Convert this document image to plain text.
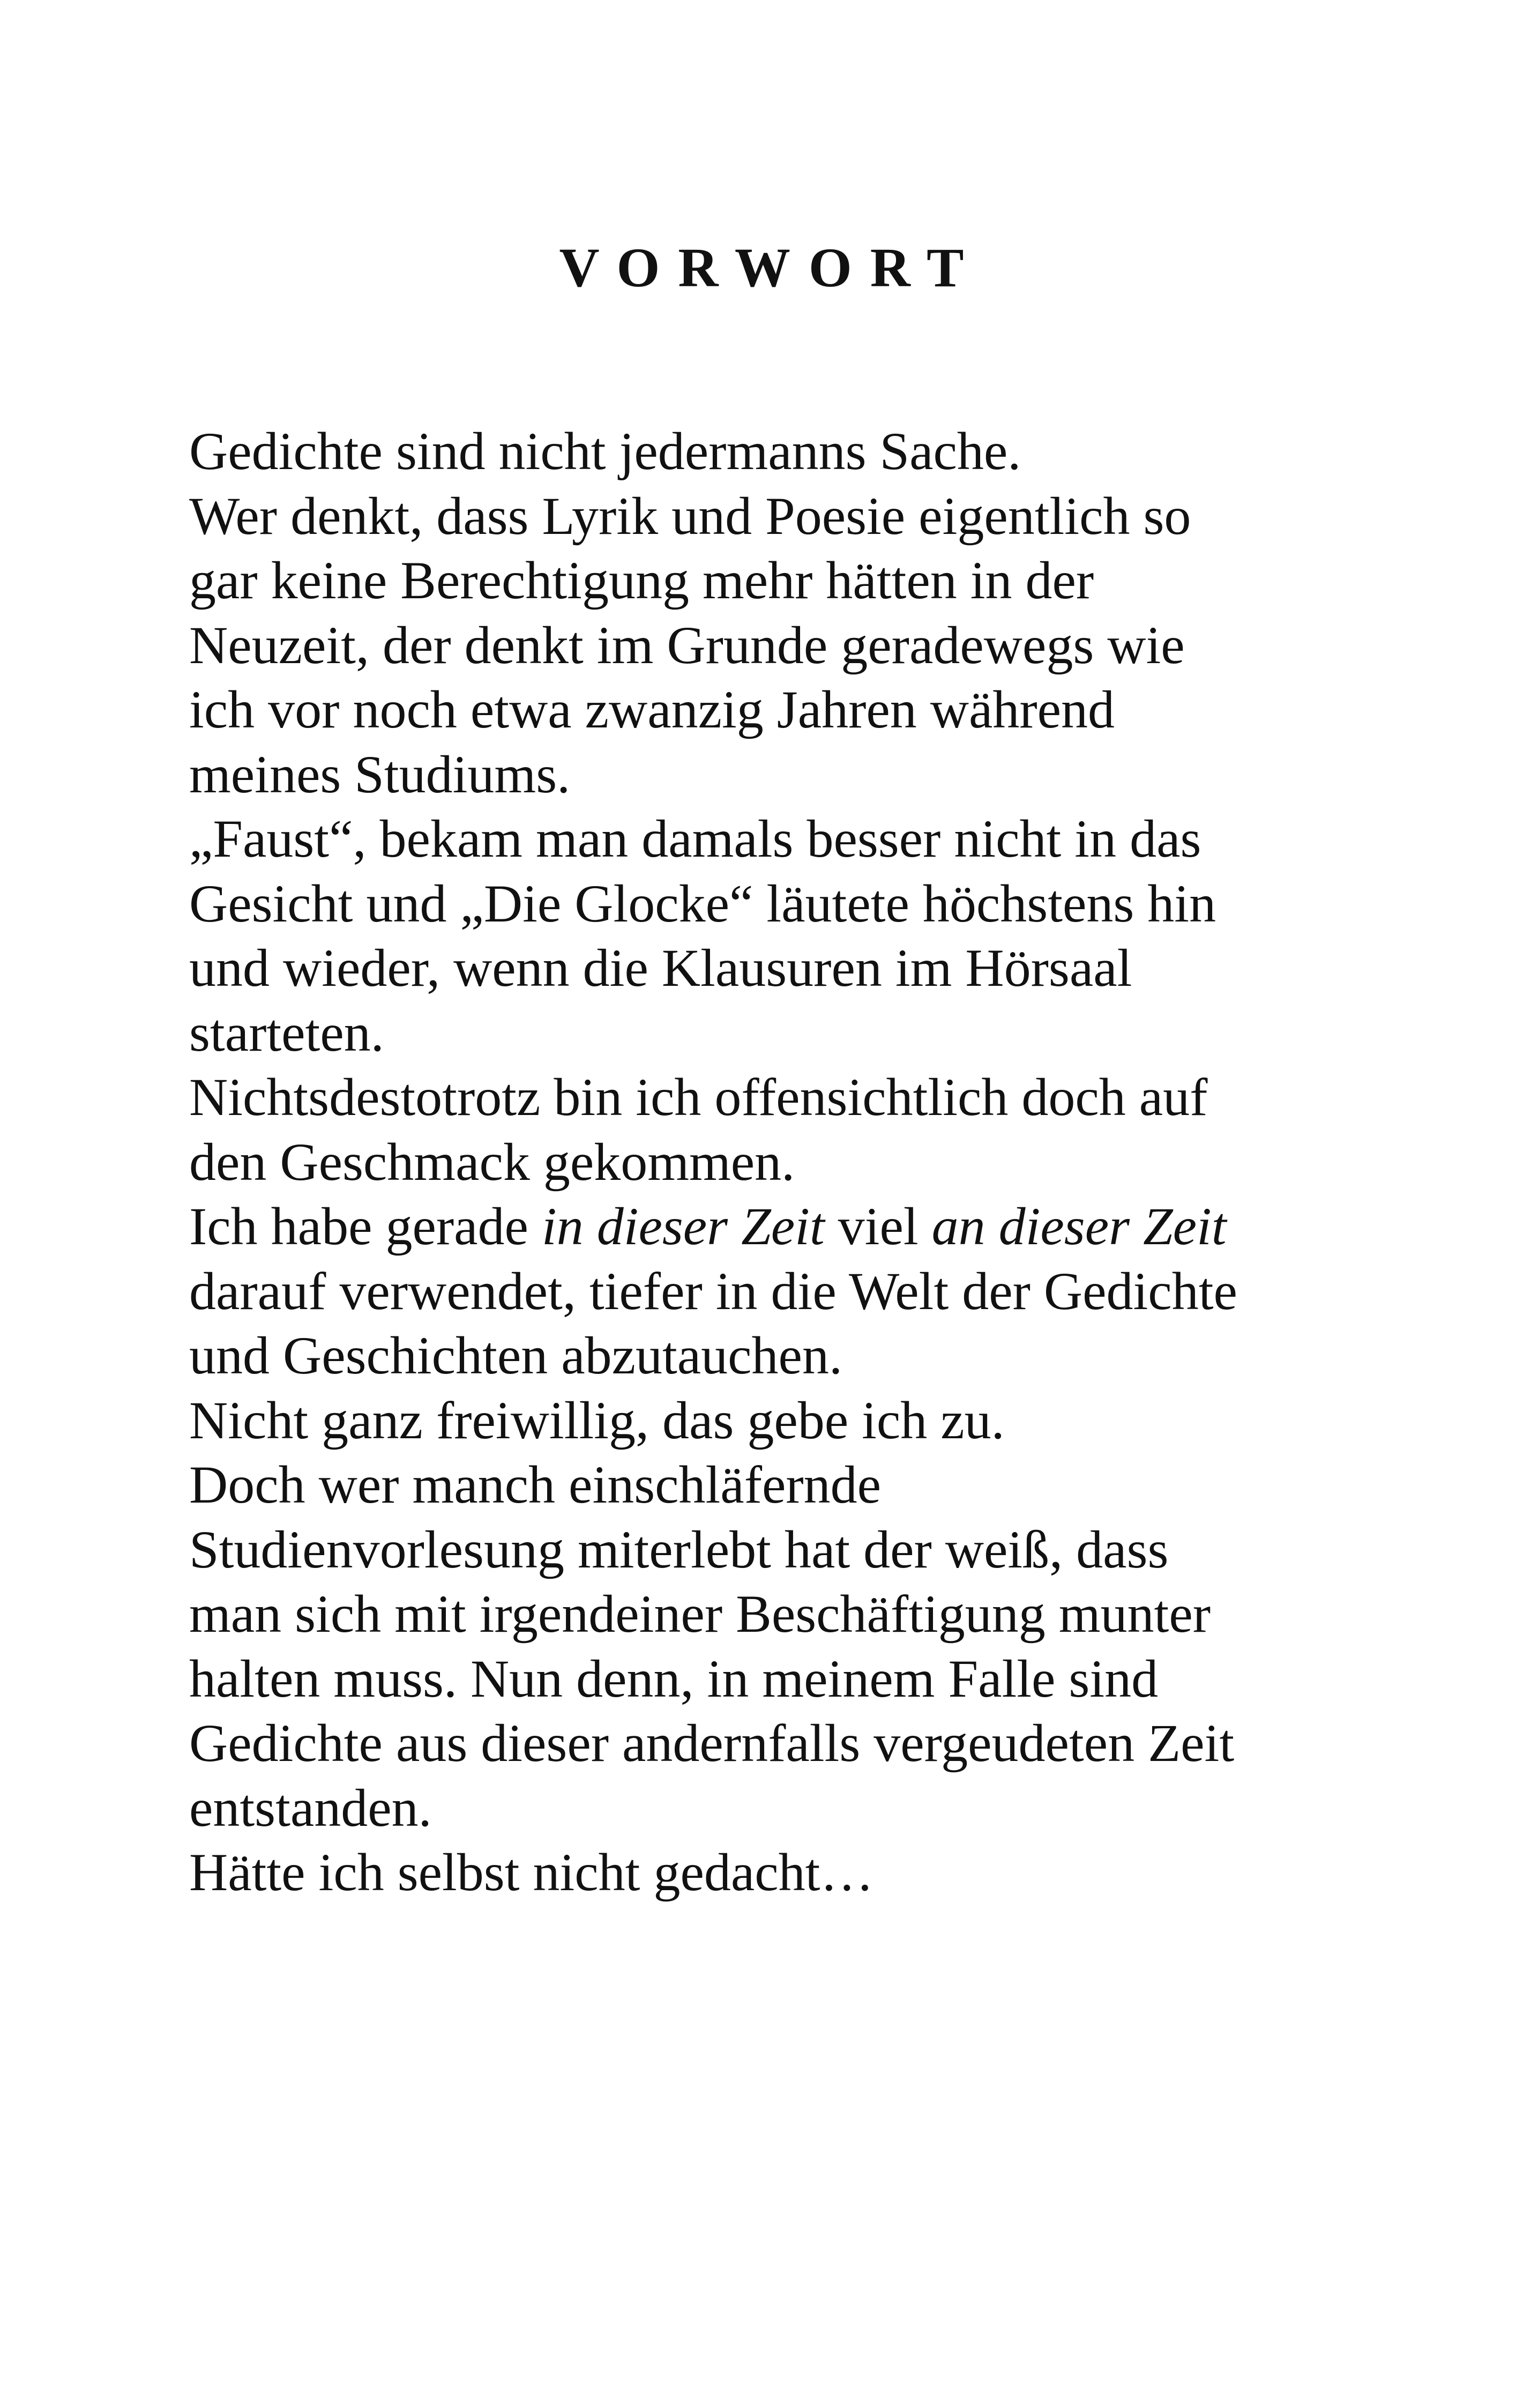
VORWORT
Gedichte sind nicht jedermanns Sache.
Wer denkt, dass Lyrik und Poesie eigentlich so
gar keine Berechtigung mehr hätten in der
Neuzeit, der denkt im Grunde geradewegs wie
ich vor noch etwa zwanzig Jahren während
meines Studiums.
„Faust“, bekam man damals besser nicht in das
Gesicht und „Die Glocke“ läutete höchstens hin
und wieder, wenn die Klausuren im Hörsaal
starteten.
Nichtsdestotrotz bin ich offensichtlich doch auf
den Geschmack gekommen.
Ich habe gerade in dieser Zeit viel an dieser Zeit
darauf verwendet, tiefer in die Welt der Gedichte
und Geschichten abzutauchen.
Nicht ganz freiwillig, das gebe ich zu.
Doch wer manch einschläfernde
Studienvorlesung miterlebt hat der weiß, dass
man sich mit irgendeiner Beschäftigung munter
halten muss. Nun denn, in meinem Falle sind
Gedichte aus dieser andernfalls vergeudeten Zeit
entstanden.
Hätte ich selbst nicht gedacht…
